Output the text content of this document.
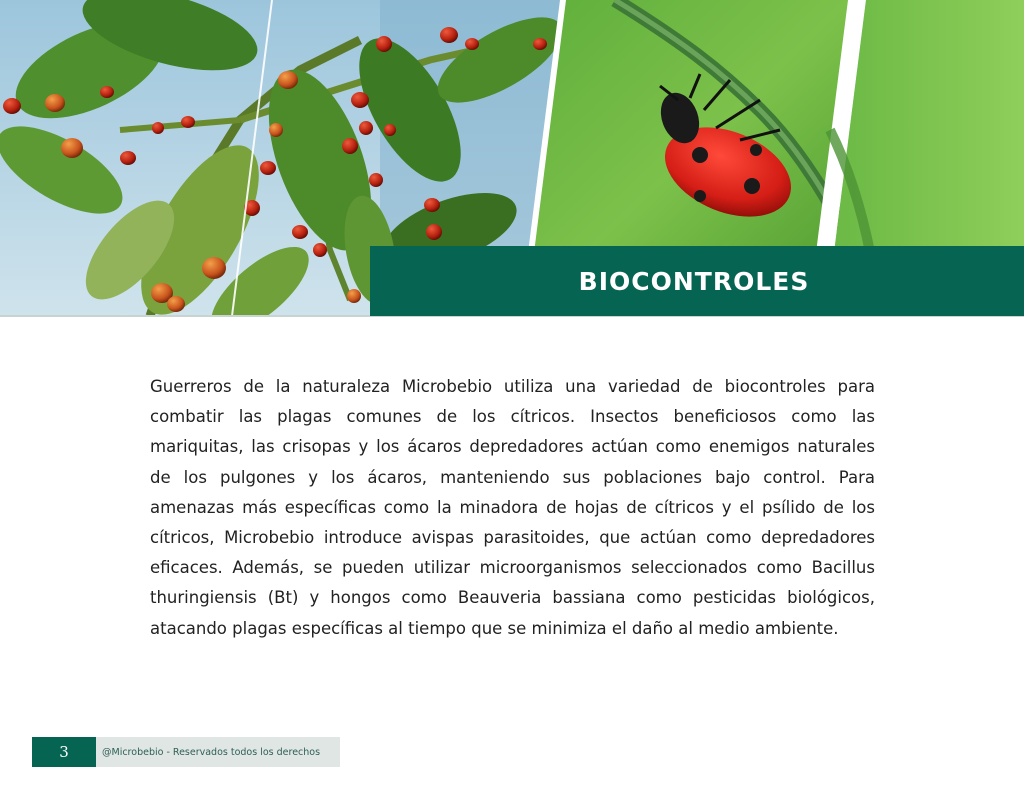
BIOCONTROLES

Guerreros de la naturaleza Microbebio utiliza una variedad de biocontroles para combatir las plagas comunes de los cítricos. Insectos beneficiosos como las mariquitas, las crisopas y los ácaros depredadores actúan como enemigos naturales de los pulgones y los ácaros, manteniendo sus poblaciones bajo control. Para amenazas más específicas como la minadora de hojas de cítricos y el psílido de los cítricos, Microbebio introduce avispas parasitoides, que actúan como depredadores eficaces. Además, se pueden utilizar microorganismos seleccionados como Bacillus thuringiensis (Bt) y hongos como Beauveria bassiana como pesticidas biológicos, atacando plagas específicas al tiempo que se minimiza el daño al medio ambiente.

3	@Microbebio - Reservados todos los derechos
